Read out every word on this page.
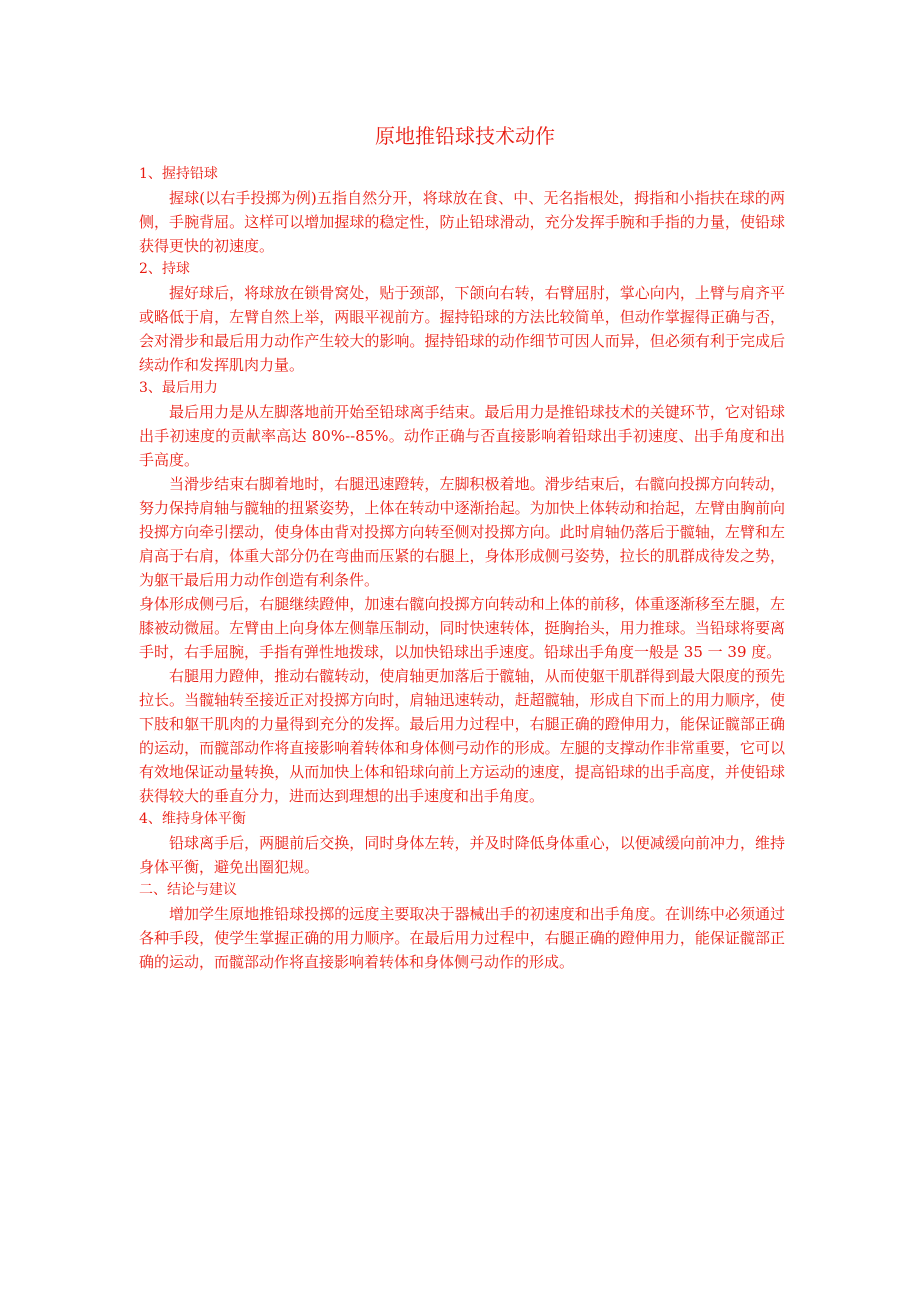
原地推铅球技术动作

1、握持铅球

握球(以右手投掷为例)五指自然分开，将球放在食、中、无名指根处，拇指和小指扶在球的两侧，手腕背屈。这样可以增加握球的稳定性，防止铅球滑动，充分发挥手腕和手指的力量，使铅球获得更快的初速度。

2、持球

握好球后，将球放在锁骨窝处，贴于颈部，下颌向右转，右臂屈肘，掌心向内，上臂与肩齐平或略低于肩，左臂自然上举，两眼平视前方。握持铅球的方法比较简单，但动作掌握得正确与否，会对滑步和最后用力动作产生较大的影响。握持铅球的动作细节可因人而异，但必须有利于完成后续动作和发挥肌肉力量。

3、最后用力

最后用力是从左脚落地前开始至铅球离手结束。最后用力是推铅球技术的关键环节，它对铅球出手初速度的贡献率高达 80%--85%。动作正确与否直接影响着铅球出手初速度、出手角度和出手高度。

当滑步结束右脚着地时，右腿迅速蹬转，左脚积极着地。滑步结束后，右髋向投掷方向转动，努力保持肩轴与髋轴的扭紧姿势，上体在转动中逐渐抬起。为加快上体转动和抬起，左臂由胸前向投掷方向牵引摆动，使身体由背对投掷方向转至侧对投掷方向。此时肩轴仍落后于髋轴，左臂和左肩高于右肩，体重大部分仍在弯曲而压紧的右腿上，身体形成侧弓姿势，拉长的肌群成待发之势，为躯干最后用力动作创造有利条件。

身体形成侧弓后，右腿继续蹬伸，加速右髋向投掷方向转动和上体的前移，体重逐渐移至左腿，左膝被动微屈。左臂由上向身体左侧靠压制动，同时快速转体，挺胸抬头，用力推球。当铅球将要离手时，右手屈腕，手指有弹性地拨球，以加快铅球出手速度。铅球出手角度一般是 35 一 39 度。

右腿用力蹬伸，推动右髋转动，使肩轴更加落后于髋轴，从而使躯干肌群得到最大限度的预先拉长。当髋轴转至接近正对投掷方向时，肩轴迅速转动，赶超髋轴，形成自下而上的用力顺序，使下肢和躯干肌肉的力量得到充分的发挥。最后用力过程中，右腿正确的蹬伸用力，能保证髋部正确的运动，而髋部动作将直接影响着转体和身体侧弓动作的形成。左腿的支撑动作非常重要，它可以有效地保证动量转换，从而加快上体和铅球向前上方运动的速度，提高铅球的出手高度，并使铅球获得较大的垂直分力，进而达到理想的出手速度和出手角度。

4、维持身体平衡

铅球离手后，两腿前后交换，同时身体左转，并及时降低身体重心，以便减缓向前冲力，维持身体平衡，避免出圈犯规。

二、结论与建议

增加学生原地推铅球投掷的远度主要取决于器械出手的初速度和出手角度。在训练中必须通过各种手段，使学生掌握正确的用力顺序。在最后用力过程中，右腿正确的蹬伸用力，能保证髋部正确的运动，而髋部动作将直接影响着转体和身体侧弓动作的形成。
